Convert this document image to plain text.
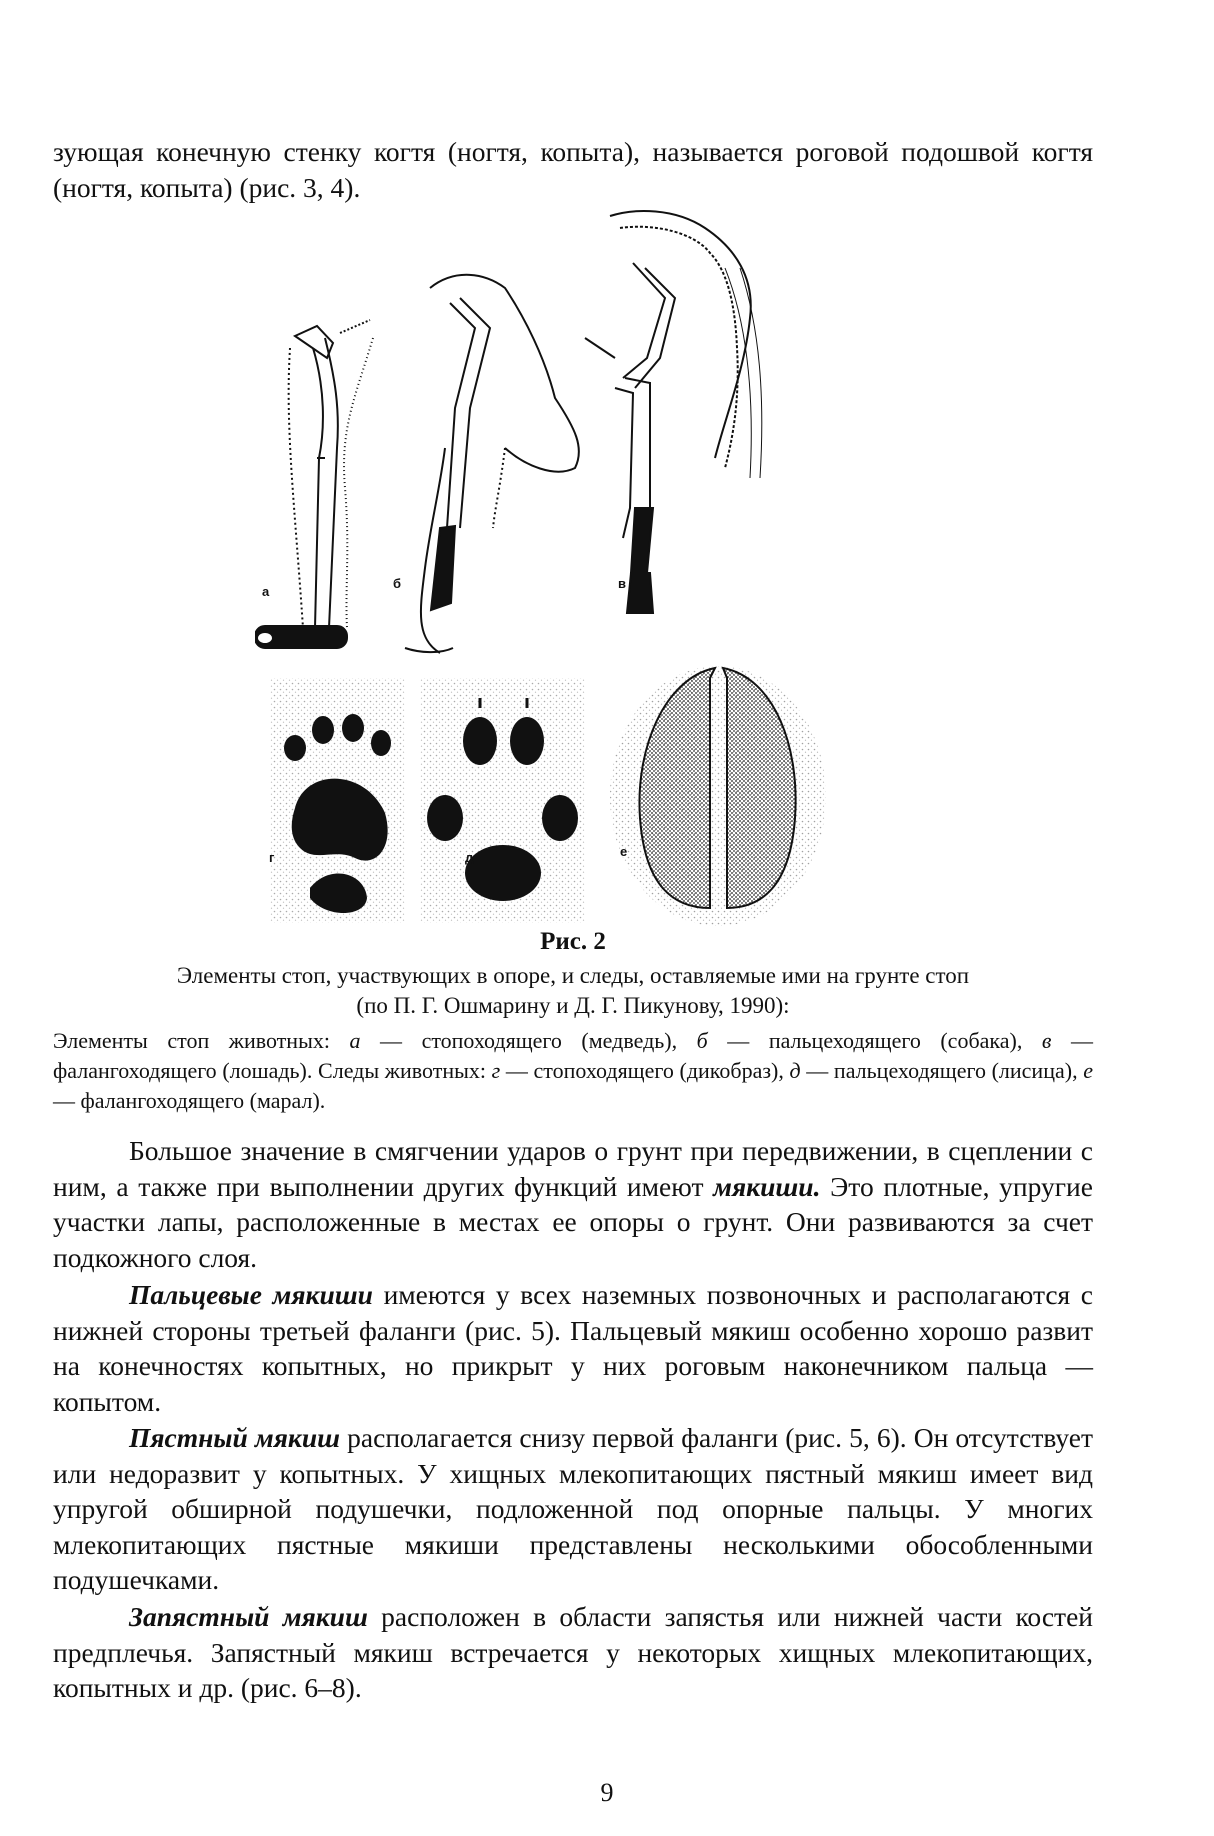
зующая конечную стенку когтя (ногтя, копыта), называется роговой подошвой когтя (ногтя, копыта) (рис. 3, 4).

а
б	в
г	д	е

Рис. 2

Элементы стоп, участвующих в опоре, и следы, оставляемые ими на грунте стоп

(по П. Г. Ошмарину и Д. Г. Пикунову, 1990):

Элементы стоп животных: а — стопоходящего (медведь), б — пальцеходящего (собака), в — фалангоходящего (лошадь). Следы животных: г — стопоходящего (дикобраз), д — пальцеходящего (лисица), е — фалангоходящего (марал).

Большое значение в смягчении ударов о грунт при передвижении, в сцеплении с ним, а также при выполнении других функций имеют мякиши. Это плотные, упругие участки лапы, расположенные в местах ее опоры о грунт. Они развиваются за счет подкожного слоя.

Пальцевые мякиши имеются у всех наземных позвоночных и располагаются с нижней стороны третьей фаланги (рис. 5). Пальцевый мякиш особенно хорошо развит на конечностях копытных, но прикрыт у них роговым наконечником пальца — копытом.

Пястный мякиш располагается снизу первой фаланги (рис. 5, 6). Он отсутствует или недоразвит у копытных. У хищных млекопитающих пястный мякиш имеет вид упругой обширной подушечки, подложенной под опорные пальцы. У многих млекопитающих пястные мякиши представлены несколькими обособленными подушечками.

Запястный мякиш расположен в области запястья или нижней части костей предплечья. Запястный мякиш встречается у некоторых хищных млекопитающих, копытных и др. (рис. 6–8).

9
